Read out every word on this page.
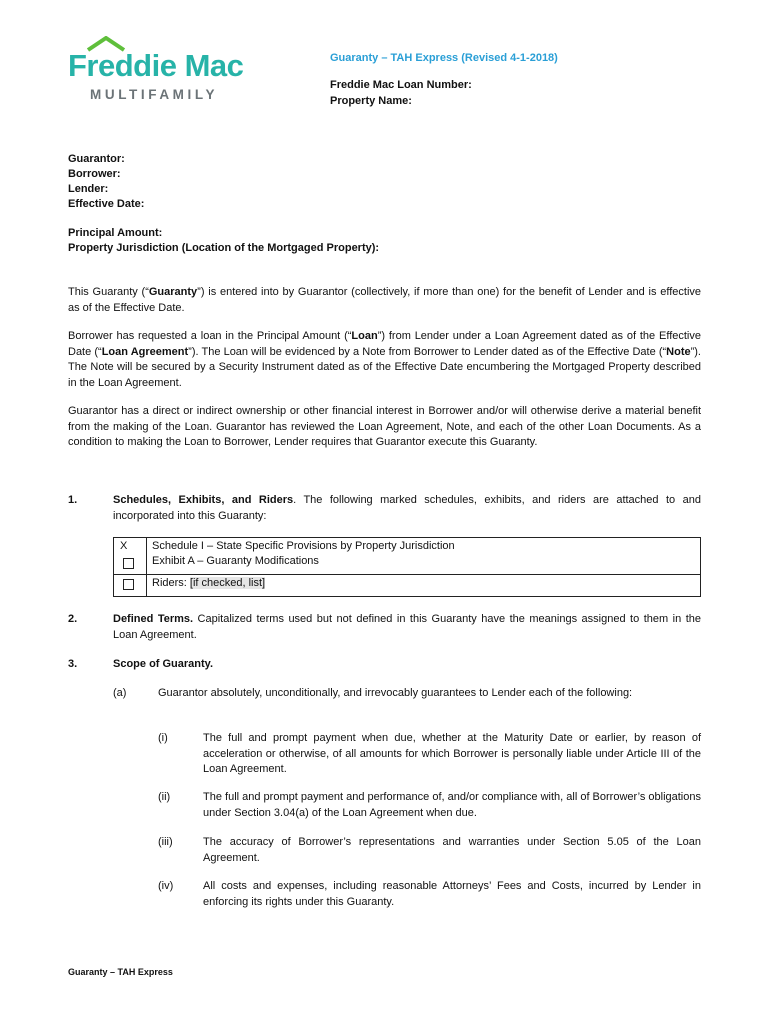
Freddie Mac
MULTIFAMILY
Guaranty – TAH Express (Revised 4-1-2018)
Freddie Mac Loan Number:
Property Name:
Guarantor:
Borrower:
Lender:
Effective Date:
Principal Amount:
Property Jurisdiction (Location of the Mortgaged Property):
This Guaranty (“Guaranty”) is entered into by Guarantor (collectively, if more than one) for the benefit of Lender and is effective as of the Effective Date.
Borrower has requested a loan in the Principal Amount (“Loan”) from Lender under a Loan Agreement dated as of the Effective Date (“Loan Agreement”). The Loan will be evidenced by a Note from Borrower to Lender dated as of the Effective Date (“Note”). The Note will be secured by a Security Instrument dated as of the Effective Date encumbering the Mortgaged Property described in the Loan Agreement.
Guarantor has a direct or indirect ownership or other financial interest in Borrower and/or will otherwise derive a material benefit from the making of the Loan. Guarantor has reviewed the Loan Agreement, Note, and each of the other Loan Documents. As a condition to making the Loan to Borrower, Lender requires that Guarantor execute this Guaranty.
1.	Schedules, Exhibits, and Riders. The following marked schedules, exhibits, and riders are attached to and incorporated into this Guaranty:
X Schedule I – State Specific Provisions by Property Jurisdiction
Exhibit A – Guaranty Modifications
Riders: [if checked, list]
2.	Defined Terms. Capitalized terms used but not defined in this Guaranty have the meanings assigned to them in the Loan Agreement.
3.	Scope of Guaranty.
(a)	Guarantor absolutely, unconditionally, and irrevocably guarantees to Lender each of the following:
(i)	The full and prompt payment when due, whether at the Maturity Date or earlier, by reason of acceleration or otherwise, of all amounts for which Borrower is personally liable under Article III of the Loan Agreement.
(ii)	The full and prompt payment and performance of, and/or compliance with, all of Borrower’s obligations under Section 3.04(a) of the Loan Agreement when due.
(iii)	The accuracy of Borrower’s representations and warranties under Section 5.05 of the Loan Agreement.
(iv)	All costs and expenses, including reasonable Attorneys’ Fees and Costs, incurred by Lender in enforcing its rights under this Guaranty.
Guaranty – TAH Express
